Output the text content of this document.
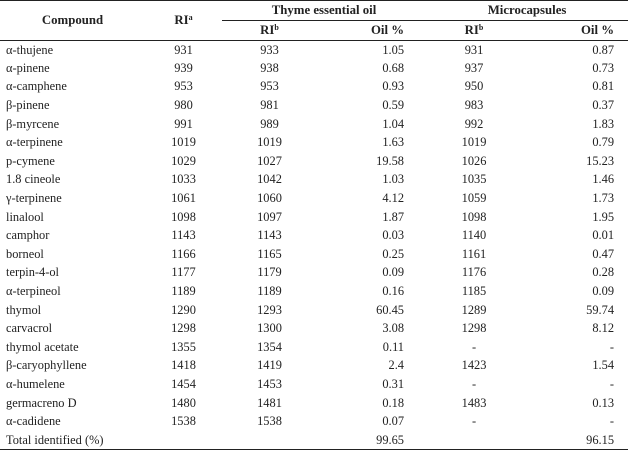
Compound	$RI^a$	Thyme essential oil		Microcapsules	
		$RI^b$	Oil %	$RI^b$	Oil %
α-thujene	931	933	1.05	931	0.87
α-pinene	939	938	0.68	937	0.73
α-camphene	953	953	0.93	950	0.81
β-pinene	980	981	0.59	983	0.37
β-myrcene	991	989	1.04	992	1.83
α-terpinene	1019	1019	1.63	1019	0.79
p-cymene	1029	1027	19.58	1026	15.23
1.8 cineole	1033	1042	1.03	1035	1.46
γ-terpinene	1061	1060	4.12	1059	1.73
linalool	1098	1097	1.87	1098	1.95
camphor	1143	1143	0.03	1140	0.01
borneol	1166	1165	0.25	1161	0.47
terpin-4-ol	1177	1179	0.09	1176	0.28
α-terpineol	1189	1189	0.16	1185	0.09
thymol	1290	1293	60.45	1289	59.74
carvacrol	1298	1300	3.08	1298	8.12
thymol acetate	1355	1354	0.11	-	-
β-caryophyllene	1418	1419	2.4	1423	1.54
α-humelene	1454	1453	0.31	-	-
germacreno D	1480	1481	0.18	1483	0.13
α-cadidene	1538	1538	0.07	-	-
Total identified (%)			99.65		96.15
